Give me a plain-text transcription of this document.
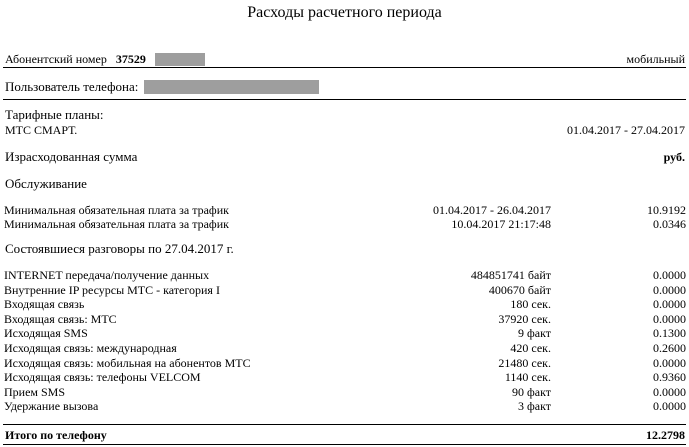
Расходы расчетного периода
Абонентский номер 37529	мобильный
Пользователь телефона:
Тарифные планы:
МТС СМАРТ.	01.04.2017 - 27.04.2017
Израсходованная сумма	руб.
Обслуживание
Минимальная обязательная плата за трафик	01.04.2017 - 26.04.2017	10.9192
Минимальная обязательная плата за трафик	10.04.2017 21:17:48	0.0346
Состоявшиеся разговоры по 27.04.2017 г.
INTERNET передача/получение данных	484851741 байт	0.0000
Внутренние IP ресурсы МТС - категория I	400670 байт	0.0000
Входящая связь	180 сек.	0.0000
Входящая связь: МТС	37920 сек.	0.0000
Исходящая SMS	9 факт	0.1300
Исходящая связь: международная	420 сек.	0.2600
Исходящая связь: мобильная на абонентов МТС	21480 сек.	0.0000
Исходящая связь: телефоны VELCOM	1140 сек.	0.9360
Прием SMS	90 факт	0.0000
Удержание вызова	3 факт	0.0000
Итого по телефону	12.2798
